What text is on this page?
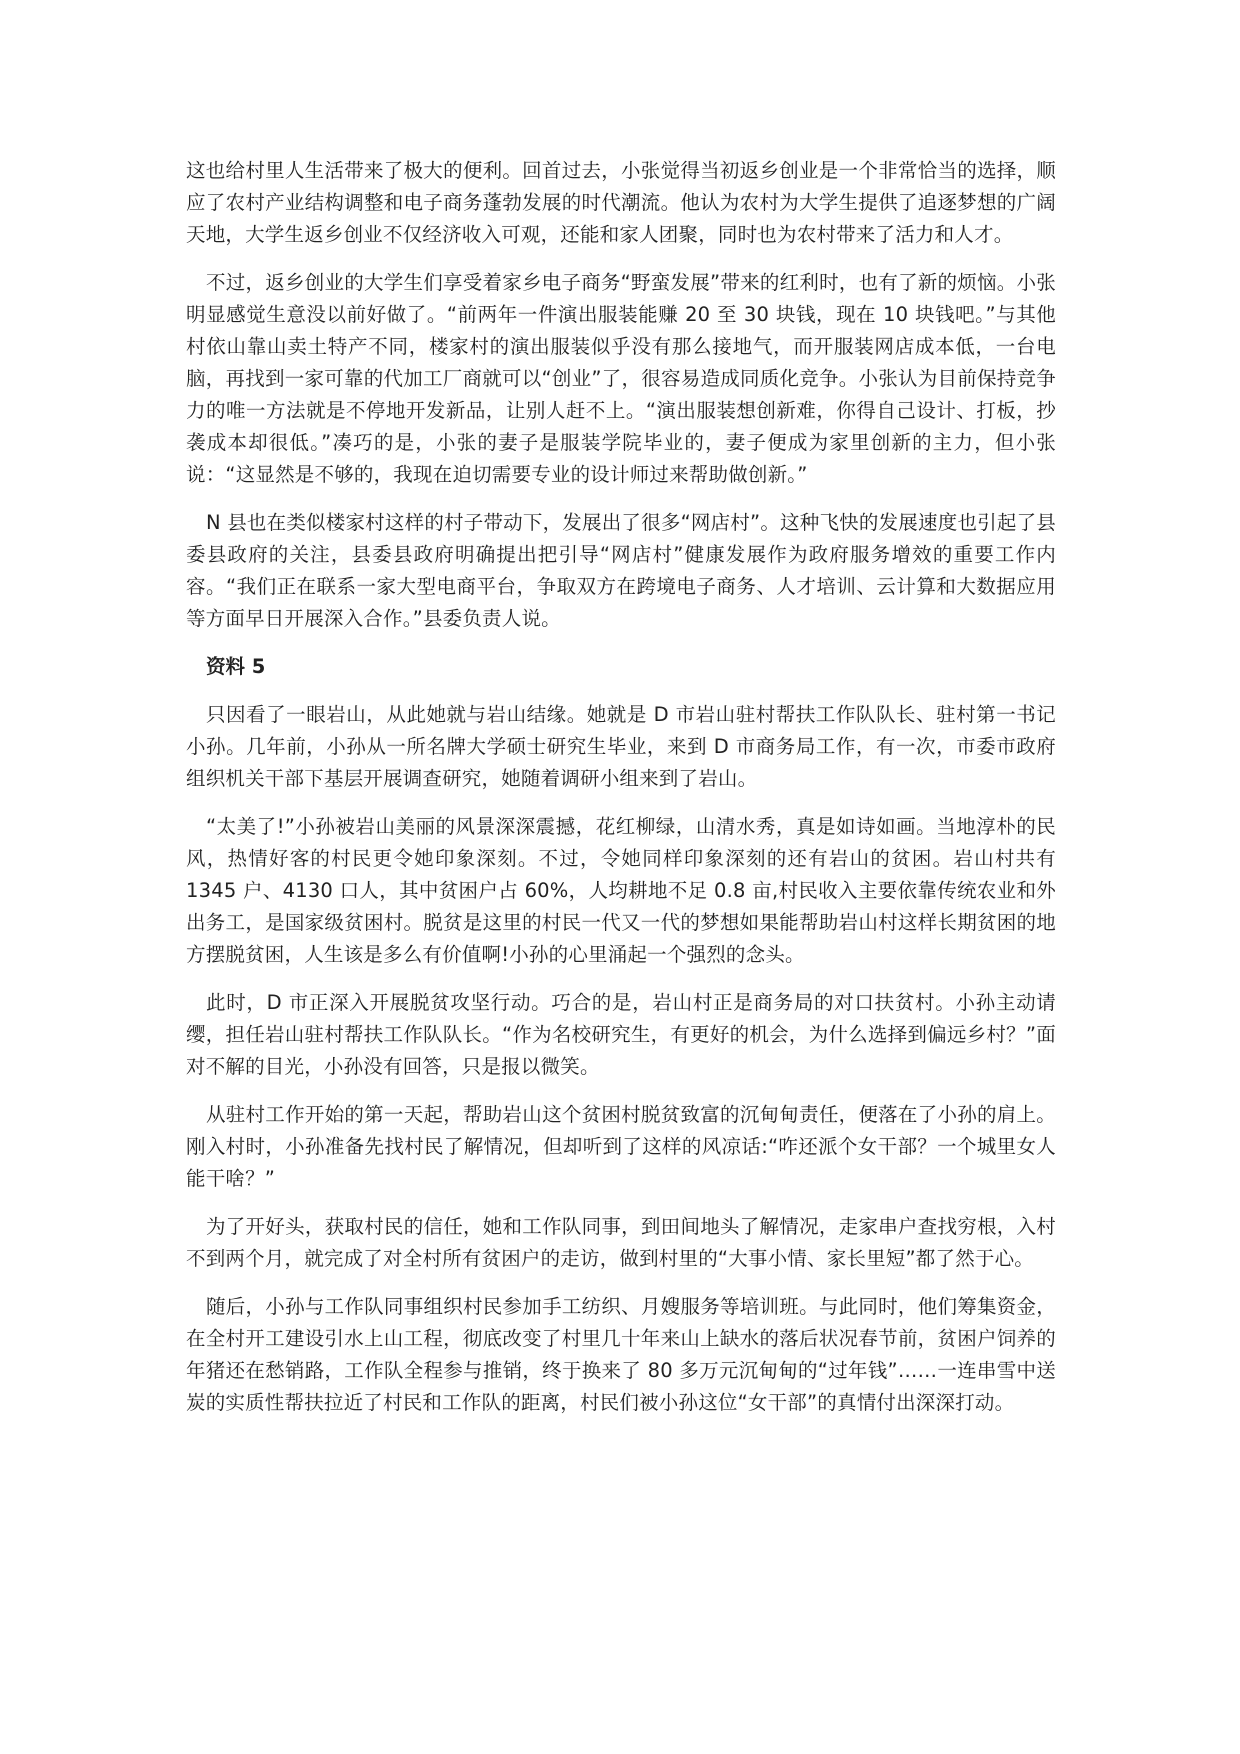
这也给村里人生活带来了极大的便利。回首过去，小张觉得当初返乡创业是一个非常恰当的选择，顺应了农村产业结构调整和电子商务蓬勃发展的时代潮流。他认为农村为大学生提供了追逐梦想的广阔天地，大学生返乡创业不仅经济收入可观，还能和家人团聚，同时也为农村带来了活力和人才。

不过，返乡创业的大学生们享受着家乡电子商务“野蛮发展”带来的红利时，也有了新的烦恼。小张明显感觉生意没以前好做了。“前两年一件演出服装能赚 20 至 30 块钱，现在 10 块钱吧。”与其他村依山靠山卖土特产不同，楼家村的演出服装似乎没有那么接地气，而开服装网店成本低，一台电脑，再找到一家可靠的代加工厂商就可以“创业”了，很容易造成同质化竞争。小张认为目前保持竞争力的唯一方法就是不停地开发新品，让别人赶不上。“演出服装想创新难，你得自己设计、打板，抄袭成本却很低。”凑巧的是，小张的妻子是服装学院毕业的，妻子便成为家里创新的主力，但小张说：“这显然是不够的，我现在迫切需要专业的设计师过来帮助做创新。”

N 县也在类似楼家村这样的村子带动下，发展出了很多“网店村”。这种飞快的发展速度也引起了县委县政府的关注，县委县政府明确提出把引导“网店村”健康发展作为政府服务增效的重要工作内容。“我们正在联系一家大型电商平台，争取双方在跨境电子商务、人才培训、云计算和大数据应用等方面早日开展深入合作。”县委负责人说。

资料 5

只因看了一眼岩山，从此她就与岩山结缘。她就是 D 市岩山驻村帮扶工作队队长、驻村第一书记小孙。几年前，小孙从一所名牌大学硕士研究生毕业，来到 D 市商务局工作，有一次，市委市政府组织机关干部下基层开展调查研究，她随着调研小组来到了岩山。

“太美了!”小孙被岩山美丽的风景深深震撼，花红柳绿，山清水秀，真是如诗如画。当地淳朴的民风，热情好客的村民更令她印象深刻。不过，令她同样印象深刻的还有岩山的贫困。岩山村共有 1345 户、4130 口人，其中贫困户占 60%，人均耕地不足 0.8 亩,村民收入主要依靠传统农业和外出务工，是国家级贫困村。脱贫是这里的村民一代又一代的梦想如果能帮助岩山村这样长期贫困的地方摆脱贫困，人生该是多么有价值啊!小孙的心里涌起一个强烈的念头。

此时，D 市正深入开展脱贫攻坚行动。巧合的是，岩山村正是商务局的对口扶贫村。小孙主动请缨，担任岩山驻村帮扶工作队队长。“作为名校研究生，有更好的机会，为什么选择到偏远乡村？”面对不解的目光，小孙没有回答，只是报以微笑。

从驻村工作开始的第一天起，帮助岩山这个贫困村脱贫致富的沉甸甸责任，便落在了小孙的肩上。刚入村时，小孙准备先找村民了解情况，但却听到了这样的风凉话:“咋还派个女干部？一个城里女人能干啥？”

为了开好头，获取村民的信任，她和工作队同事，到田间地头了解情况，走家串户查找穷根，入村不到两个月，就完成了对全村所有贫困户的走访，做到村里的“大事小情、家长里短”都了然于心。

随后，小孙与工作队同事组织村民参加手工纺织、月嫂服务等培训班。与此同时，他们筹集资金，在全村开工建设引水上山工程，彻底改变了村里几十年来山上缺水的落后状况春节前，贫困户饲养的年猪还在愁销路，工作队全程参与推销，终于换来了 80 多万元沉甸甸的“过年钱”……一连串雪中送炭的实质性帮扶拉近了村民和工作队的距离，村民们被小孙这位“女干部”的真情付出深深打动。
